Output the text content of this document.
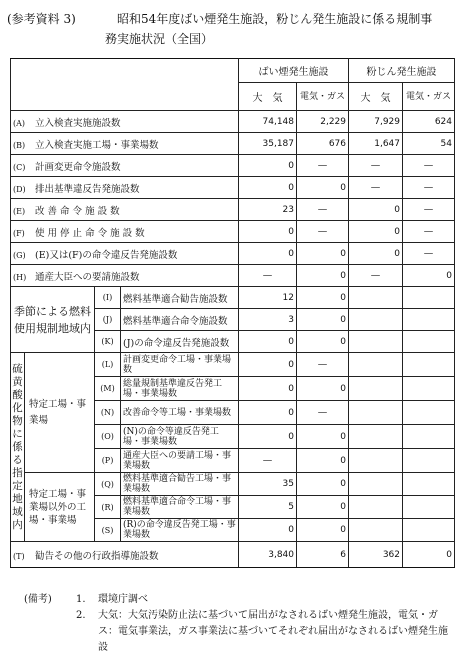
(参考資料 3)	昭和54年度ばい煙発生施設，粉じん発生施設に係る規制事
務実施状況（全国）
				ばい煙発生施設		粉じん発生施設	
				大　気	電気・ガス	大　気	電気・ガス
(A) 立入検査実施施設数				74,148	2,229	7,929	624
(B) 立入検査実施工場・事業場数				35,187	676	1,647	54
(C) 計画変更命令施設数				0	—	—	—
(D) 排出基準違反告発施設数				0	0	—	—
(E) 改 善 命 令 施 設 数				23	—	0	—
(F) 使 用 停 止 命 令 施 設 数				0	—	0	—
(G) (E)又は(F)の命令違反告発施設数				0	0	0	—
(H) 通産大臣への要請施設数				—	0	—	0
季節による燃料使用規制地域内		(I)	燃料基準適合勧告施設数	12	0		
		(J)	燃料基準適合命令施設数	3	0		
		(K)	(J)の命令違反告発施設数	0	0		
硫黄酸化物に係る指定地域内	特定工場・事業場	(L)	計画変更命令工場・事業場数	0	—		
		(M)	総量規制基準違反告発工場・事業場数	0	0		
		(N)	改善命令等工場・事業場数	0	—		
		(O)	(N)の命令等違反告発工場・事業場数	0	0		
		(P)	通産大臣への要請工場・事業場数	—	0		
	特定工場・事業場以外の工場・事業場	(Q)	燃料基準適合勧告工場・事業場数	35	0		
		(R)	燃料基準適合命令工場・事業場数	5	0		
		(S)	(R)の命令違反告発工場・事業場数	0	0		
(T) 勧告その他の行政指導施設数				3,840	6	362	0
(備考)	1.	環境庁調べ
2.	大気：大気汚染防止法に基づいて届出がなされるばい煙発生施設，電気・ガス：電気事業法，ガス事業法に基づいてそれぞれ届出がなされるばい煙発生施設
